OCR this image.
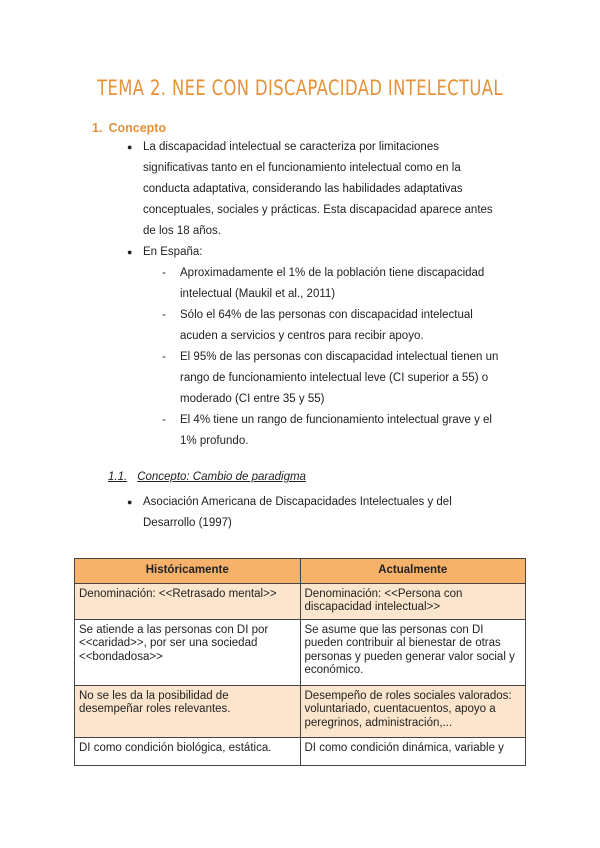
TEMA 2. NEE CON DISCAPACIDAD INTELECTUAL
1. Concepto
● La discapacidad intelectual se caracteriza por limitaciones
significativas tanto en el funcionamiento intelectual como en la
conducta adaptativa, considerando las habilidades adaptativas
conceptuales, sociales y prácticas. Esta discapacidad aparece antes
de los 18 años.
● En España:
- Aproximadamente el 1% de la población tiene discapacidad
intelectual (Maukil et al., 2011)
- Sólo el 64% de las personas con discapacidad intelectual
acuden a servicios y centros para recibir apoyo.
- El 95% de las personas con discapacidad intelectual tienen un
rango de funcionamiento intelectual leve (CI superior a 55) o
moderado (CI entre 35 y 55)
- El 4% tiene un rango de funcionamiento intelectual grave y el
1% profundo.
1.1. Concepto: Cambio de paradigma
● Asociación Americana de Discapacidades Intelectuales y del
Desarrollo (1997)
Históricamente	Actualmente
Denominación: <<Retrasado mental>>	Denominación: <<Persona con discapacidad intelectual>>
Se atiende a las personas con DI por <<caridad>>, por ser una sociedad <<bondadosa>>	Se asume que las personas con DI pueden contribuir al bienestar de otras personas y pueden generar valor social y económico.
No se les da la posibilidad de desempeñar roles relevantes.	Desempeño de roles sociales valorados: voluntariado, cuentacuentos, apoyo a peregrinos, administración,...
DI como condición biológica, estática.	DI como condición dinámica, variable y
